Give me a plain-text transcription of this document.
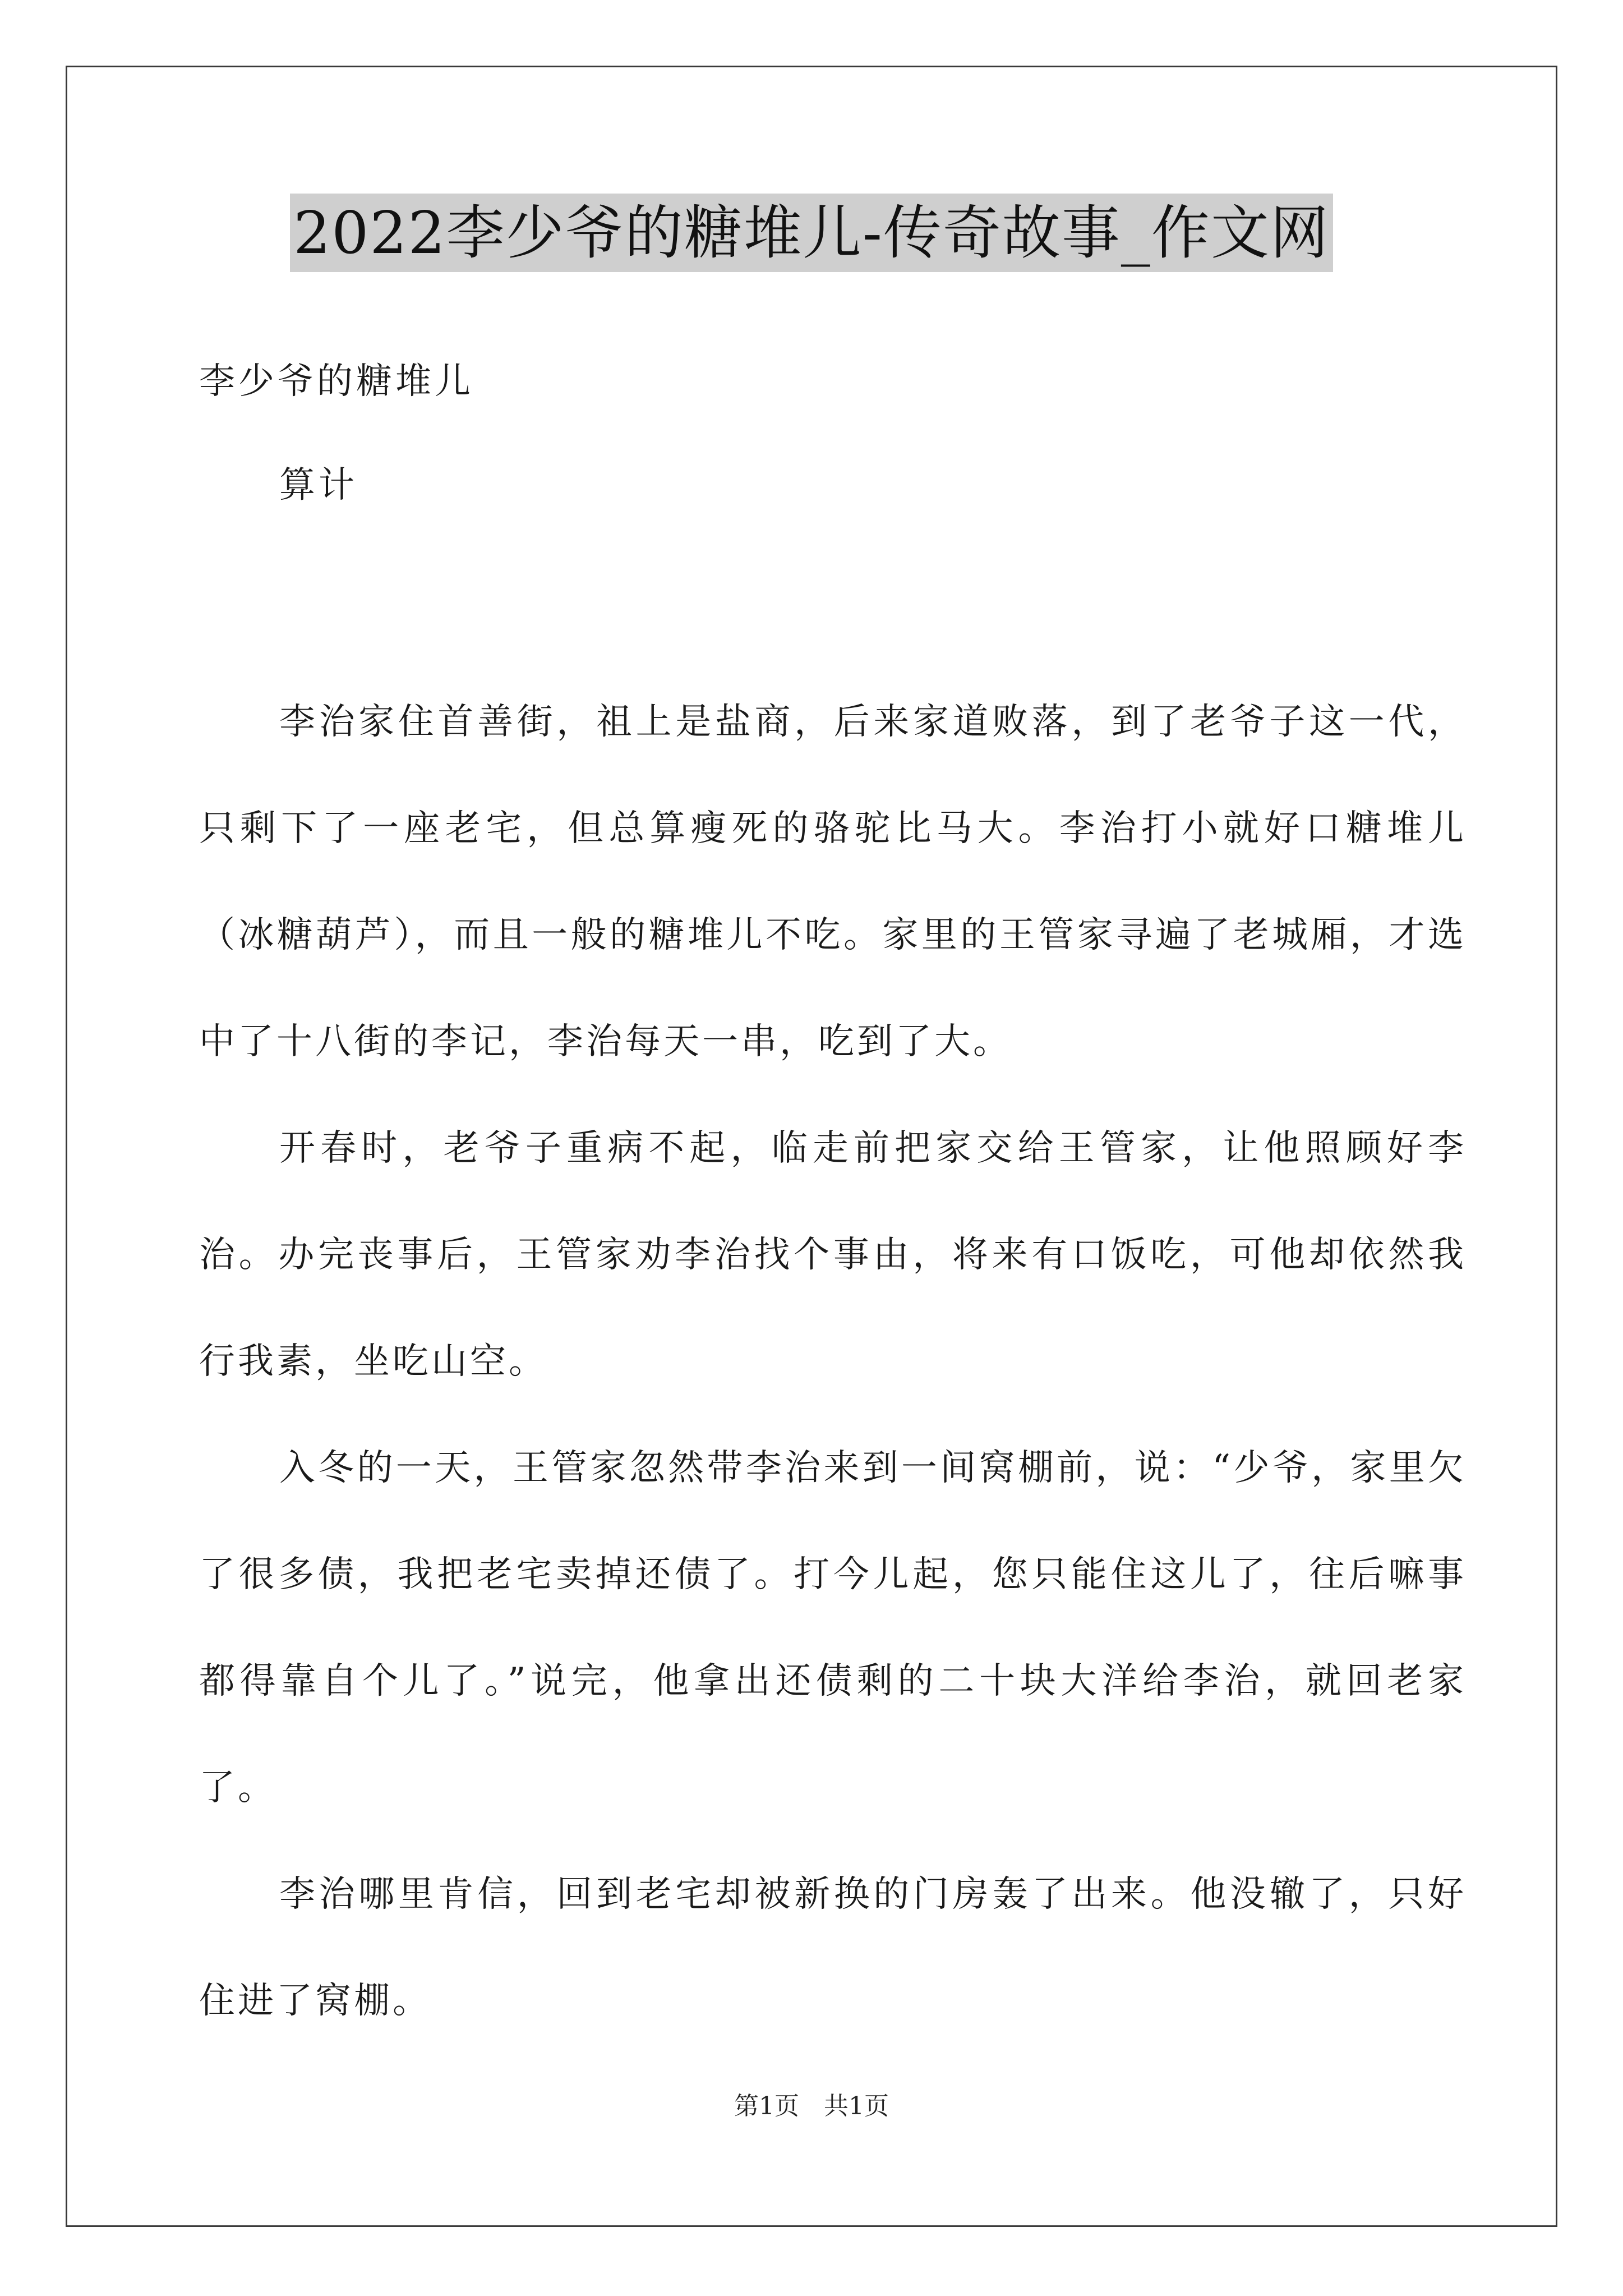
2022李少爷的糖堆儿-传奇故事_作文网
李少爷的糖堆儿
算计

李治家住首善街，祖上是盐商，后来家道败落，到了老爷子这一代，只剩下了一座老宅，但总算瘦死的骆驼比马大。李治打小就好口糖堆儿（冰糖葫芦），而且一般的糖堆儿不吃。家里的王管家寻遍了老城厢，才选中了十八街的李记，李治每天一串，吃到了大。

开春时，老爷子重病不起，临走前把家交给王管家，让他照顾好李治。办完丧事后，王管家劝李治找个事由，将来有口饭吃，可他却依然我行我素，坐吃山空。

入冬的一天，王管家忽然带李治来到一间窝棚前，说：“少爷，家里欠了很多债，我把老宅卖掉还债了。打今儿起，您只能住这儿了，往后嘛事都得靠自个儿了。”说完，他拿出还债剩的二十块大洋给李治，就回老家了。

李治哪里肯信，回到老宅却被新换的门房轰了出来。他没辙了，只好住进了窝棚。

第1页 共1页
